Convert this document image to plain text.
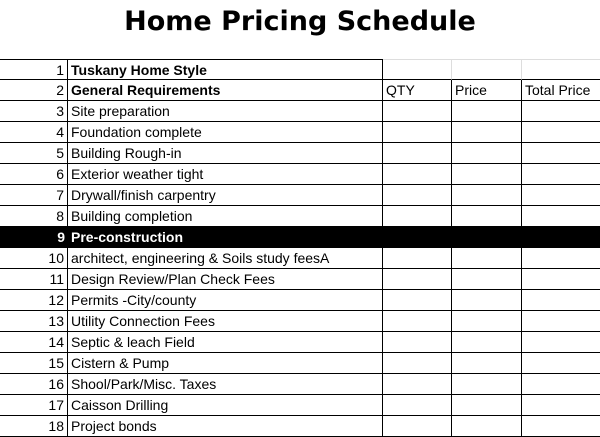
Home Pricing Schedule
1 Tuskany Home Style
2 General Requirements	QTY	Price	Total Price
3 Site preparation
4 Foundation complete
5 Building Rough-in
6 Exterior weather tight
7 Drywall/finish carpentry
8 Building completion
9 Pre-construction
10 architect, engineering & Soils study feesA
11 Design Review/Plan Check Fees
12 Permits -City/county
13 Utility Connection Fees
14 Septic & leach Field
15 Cistern & Pump
16 Shool/Park/Misc. Taxes
17 Caisson Drilling
18 Project bonds
